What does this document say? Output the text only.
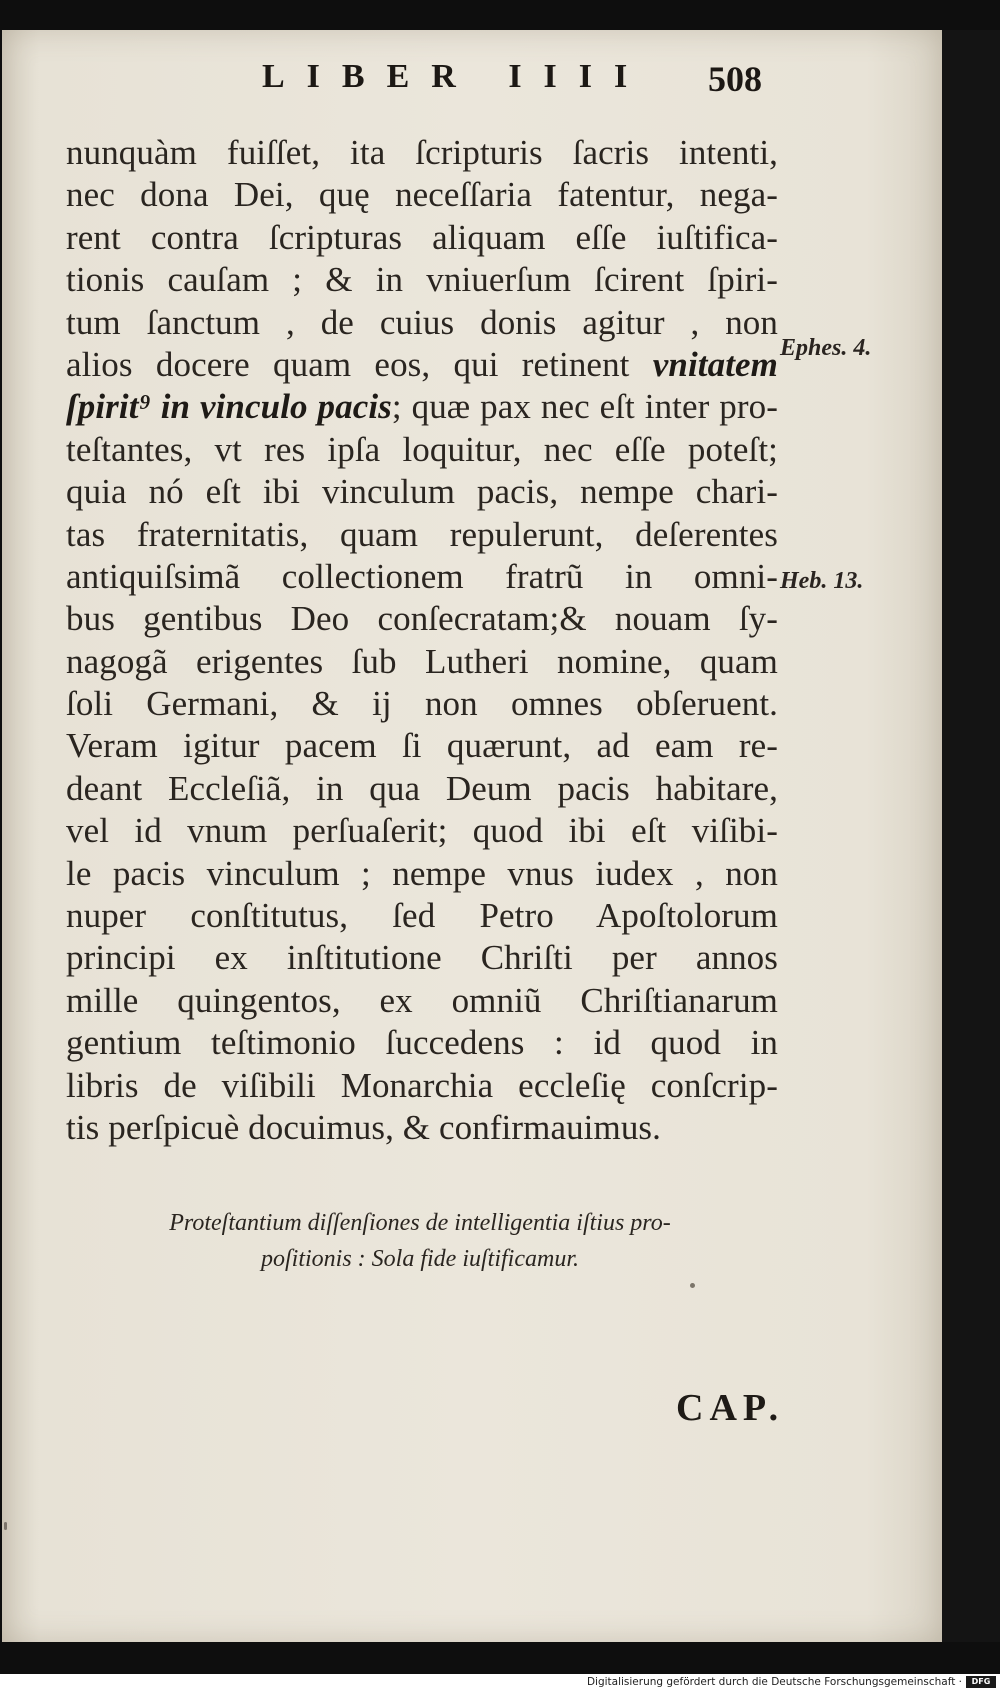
LIBER IIII 508
nunquàm fuiſſet, ita ſcripturis ſacris intenti,
nec dona Dei, quę neceſſaria fatentur, nega-
rent contra ſcripturas aliquam eſſe iuſtifica-
tionis cauſam ; & in vniuerſum ſcirent ſpiri-
tum ſanctum , de cuius donis agitur , non
alios docere quam eos, qui retinent vnitatem
ſpirit⁹ in vinculo pacis; quæ pax nec eſt inter pro-
teſtantes, vt res ipſa loquitur, nec eſſe poteſt;
quia nó eſt ibi vinculum pacis, nempe chari-
tas fraternitatis, quam repulerunt, deſerentes
antiquiſsimã collectionem fratrũ in omni-
bus gentibus Deo conſecratam;& nouam ſy-
nagogã erigentes ſub Lutheri nomine, quam
ſoli Germani, & ij non omnes obſeruent.
Veram igitur pacem ſi quærunt, ad eam re-
deant Eccleſiã, in qua Deum pacis habitare,
vel id vnum perſuaſerit; quod ibi eſt viſibi-
le pacis vinculum ; nempe vnus iudex , non
nuper conſtitutus, ſed Petro Apoſtolorum
principi ex inſtitutione Chriſti per annos
mille quingentos, ex omniũ Chriſtianarum
gentium teſtimonio ſuccedens : id quod in
libris de viſibili Monarchia eccleſię conſcrip-
tis perſpicuè docuimus, & confirmauimus.
Ephes. 4.
Heb. 13.
Proteſtantium diſſenſiones de intelligentia iſtius pro-
poſitionis : Sola fide iuſtificamur.
CAP.
Digitalisierung gefördert durch die Deutsche Forschungsgemeinschaft ·	DFG
